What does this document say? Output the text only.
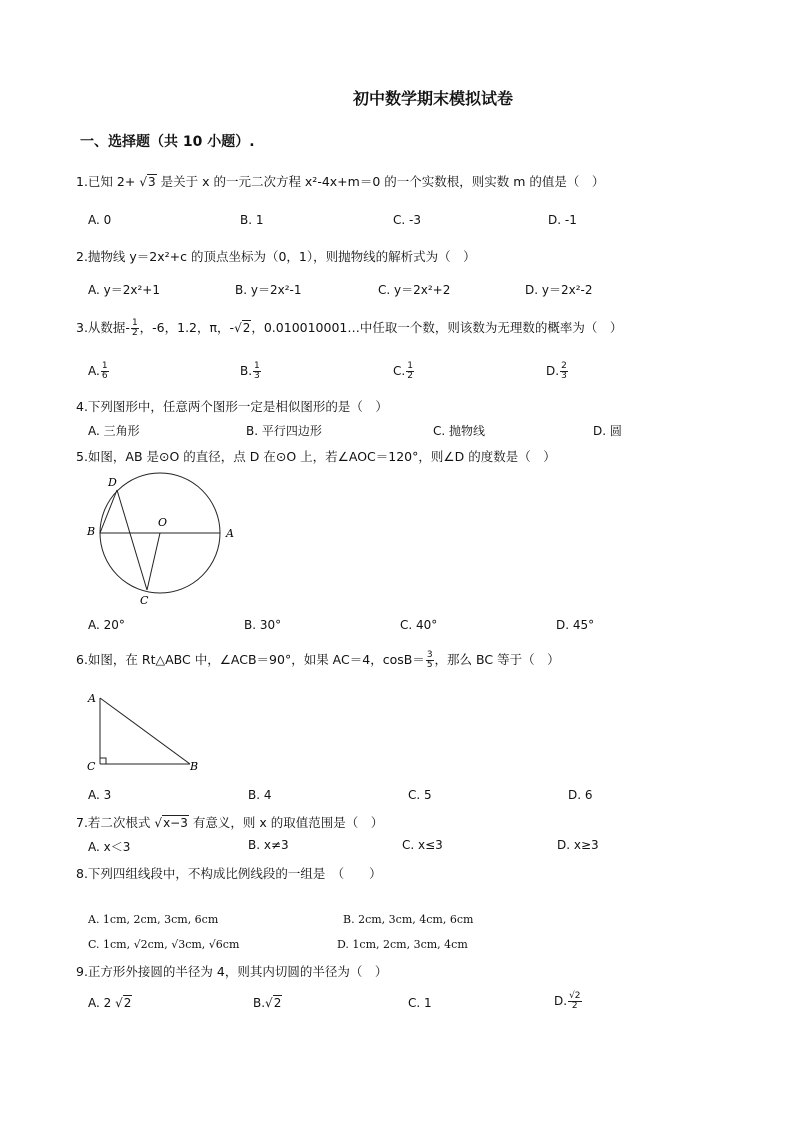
初中数学期末模拟试卷
一、选择题（共 10 小题）.
1.已知 2+ √3 是关于 x 的一元二次方程 x²-4x+m＝0 的一个实数根，则实数 m 的值是（　）
A. 0	B. 1	C. -3	D. -1
2.抛物线 y＝2x²+c 的顶点坐标为（0，1），则抛物线的解析式为（　）
A. y＝2x²+1	B. y＝2x²-1	C. y＝2x²+2	D. y＝2x²-2
3.从数据- $\frac{1}{2}$ ，-6，1.2，π，-√2，0.010010001…中任取一个数，则该数为无理数的概率为（　）
A. $\frac{1}{6}$	B. $\frac{1}{3}$	C. $\frac{1}{2}$	D. $\frac{2}{3}$
4.下列图形中，任意两个图形一定是相似图形的是（　）
A. 三角形	B. 平行四边形	C. 抛物线	D. 圆
5.如图，AB 是⊙O 的直径，点 D 在⊙O 上，若∠AOC＝120°，则∠D 的度数是（　）
D
B
O
A
C
A. 20°	B. 30°	C. 40°	D. 45°
6.如图，在 Rt△ABC 中，∠ACB＝90°，如果 AC＝4，$\cos B= \frac{3}{5}$ ，那么 BC 等于（　）
A
C	B
A. 3	B. 4	C. 5	D. 6
7.若二次根式 √x−3 有意义，则 x 的取值范围是（　）
A. x＜3	B. x≠3	C. x≤3	D. x≥3
8.下列四组线段中，不构成比例线段的一组是　（　　）
A. 1cm, 2cm, 3cm, 6cm	B. 2cm, 3cm, 4cm, 6cm
C. 1cm, √2cm, √3cm, √6cm	D. 1cm, 2cm, 3cm, 4cm
9.正方形外接圆的半径为 4，则其内切圆的半径为（　）
A. 2 √2	B.√2	C. 1	D. $\frac{√2}{2}$
